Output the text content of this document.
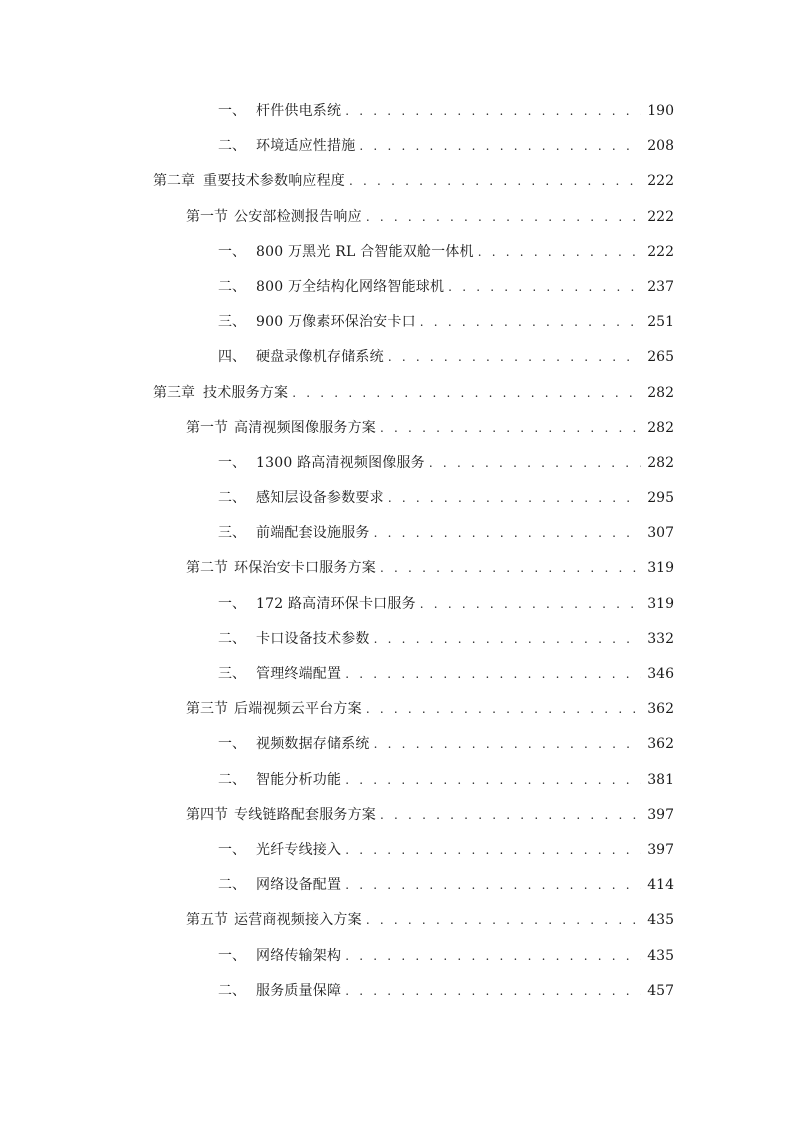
一、 杆件供电系统 . . .	190
二、 环境适应性措施 . . .	208
第二章 重要技术参数响应程度 . . .	222
第一节 公安部检测报告响应 . . .	222
一、 800 万黑光 RL 合智能双舱一体机 . . .	222
二、 800 万全结构化网络智能球机 . . .	237
三、 900 万像素环保治安卡口 . . .	251
四、 硬盘录像机存储系统 . . .	265
第三章 技术服务方案 . . .	282
第一节 高清视频图像服务方案 . . .	282
一、 1300 路高清视频图像服务 . . .	282
二、 感知层设备参数要求 . . .	295
三、 前端配套设施服务 . . .	307
第二节 环保治安卡口服务方案 . . .	319
一、 172 路高清环保卡口服务 . . .	319
二、 卡口设备技术参数 . . .	332
三、 管理终端配置 . . .	346
第三节 后端视频云平台方案 . . .	362
一、 视频数据存储系统 . . .	362
二、 智能分析功能 . . .	381
第四节 专线链路配套服务方案 . . .	397
一、 光纤专线接入 . . .	397
二、 网络设备配置 . . .	414
第五节 运营商视频接入方案 . . .	435
一、 网络传输架构 . . .	435
二、 服务质量保障 . . .	457
